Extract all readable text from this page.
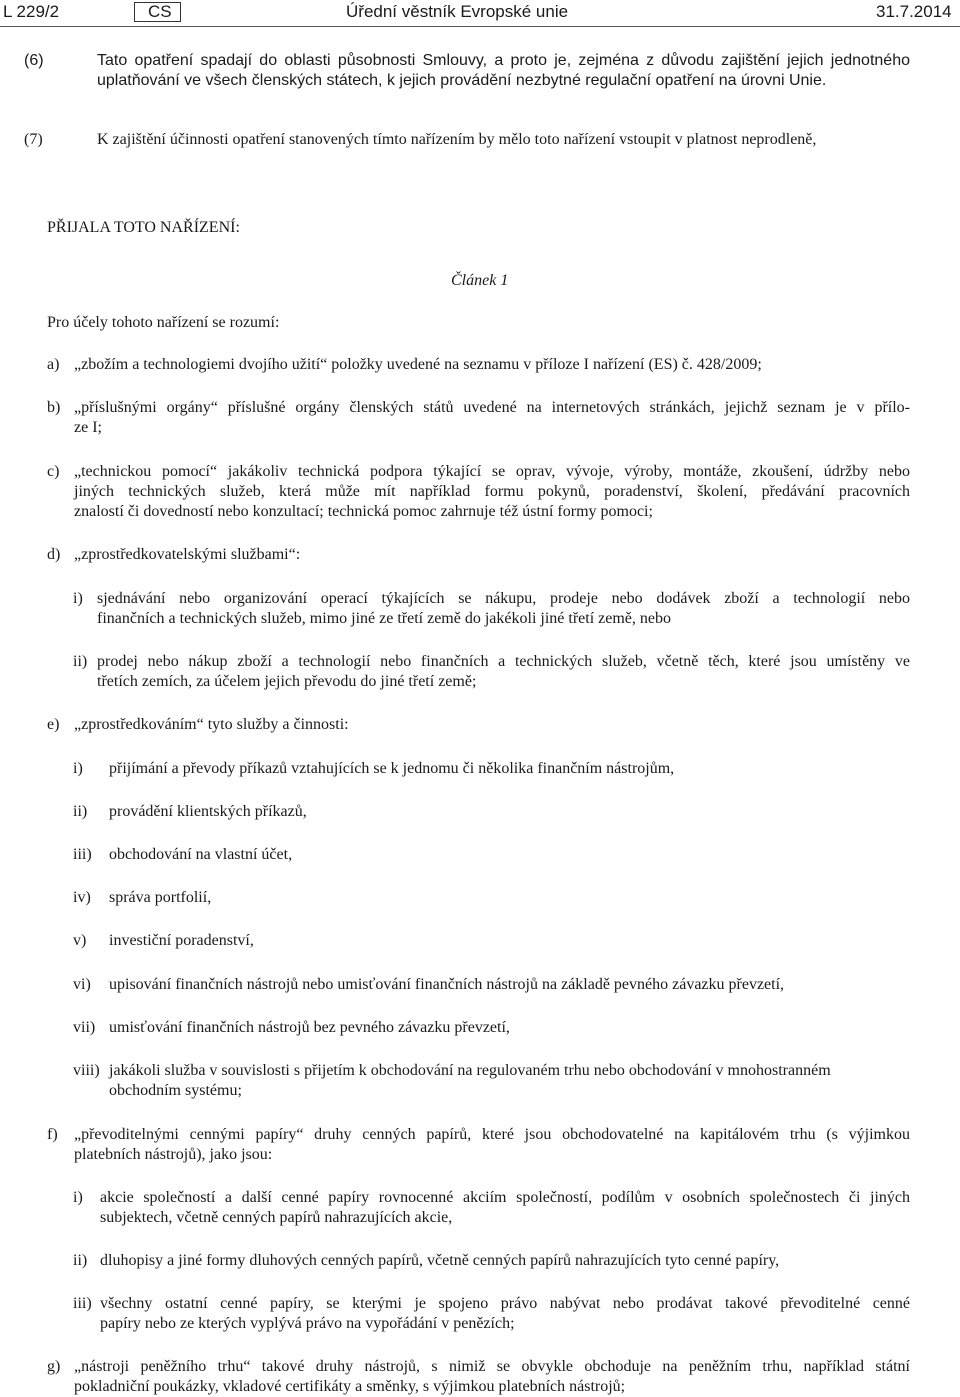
L 229/2	CS	Úřední věstník Evropské unie	31.7.2014
(6)	Tato opatření spadají do oblasti působnosti Smlouvy, a proto je, zejména z důvodu zajištění jejich jednotného
uplatňování ve všech členských státech, k jejich provádění nezbytné regulační opatření na úrovni Unie.
(7)	K zajištění účinnosti opatření stanovených tímto nařízením by mělo toto nařízení vstoupit v platnost neprodleně,
PŘIJALA TOTO NAŘÍZENÍ:
Článek 1
Pro účely tohoto nařízení se rozumí:
a) „zbožím a technologiemi dvojího užití“ položky uvedené na seznamu v příloze I nařízení (ES) č. 428/2009;
b) „příslušnými orgány“ příslušné orgány členských států uvedené na internetových stránkách, jejichž seznam je v přílo-
ze I;
c) „technickou pomocí“ jakákoliv technická podpora týkající se oprav, vývoje, výroby, montáže, zkoušení, údržby nebo
jiných technických služeb, která může mít například formu pokynů, poradenství, školení, předávání pracovních
znalostí či dovedností nebo konzultací; technická pomoc zahrnuje též ústní formy pomoci;
d) „zprostředkovatelskými službami“:
i) sjednávání nebo organizování operací týkajících se nákupu, prodeje nebo dodávek zboží a technologií nebo
finančních a technických služeb, mimo jiné ze třetí země do jakékoli jiné třetí země, nebo
ii) prodej nebo nákup zboží a technologií nebo finančních a technických služeb, včetně těch, které jsou umístěny ve
třetích zemích, za účelem jejich převodu do jiné třetí země;
e) „zprostředkováním“ tyto služby a činnosti:
i) přijímání a převody příkazů vztahujících se k jednomu či několika finančním nástrojům,
ii) provádění klientských příkazů,
iii) obchodování na vlastní účet,
iv) správa portfolií,
v) investiční poradenství,
vi) upisování finančních nástrojů nebo umisťování finančních nástrojů na základě pevného závazku převzetí,
vii) umisťování finančních nástrojů bez pevného závazku převzetí,
viii) jakákoli služba v souvislosti s přijetím k obchodování na regulovaném trhu nebo obchodování v mnohostranném
obchodním systému;
f) „převoditelnými cennými papíry“ druhy cenných papírů, které jsou obchodovatelné na kapitálovém trhu (s výjimkou
platebních nástrojů), jako jsou:
i) akcie společností a další cenné papíry rovnocenné akciím společností, podílům v osobních společnostech či jiných
subjektech, včetně cenných papírů nahrazujících akcie,
ii) dluhopisy a jiné formy dluhových cenných papírů, včetně cenných papírů nahrazujících tyto cenné papíry,
iii) všechny ostatní cenné papíry, se kterými je spojeno právo nabývat nebo prodávat takové převoditelné cenné
papíry nebo ze kterých vyplývá právo na vypořádání v penězích;
g) „nástroji peněžního trhu“ takové druhy nástrojů, s nimiž se obvykle obchoduje na peněžním trhu, například státní
pokladniční poukázky, vkladové certifikáty a směnky, s výjimkou platebních nástrojů;
